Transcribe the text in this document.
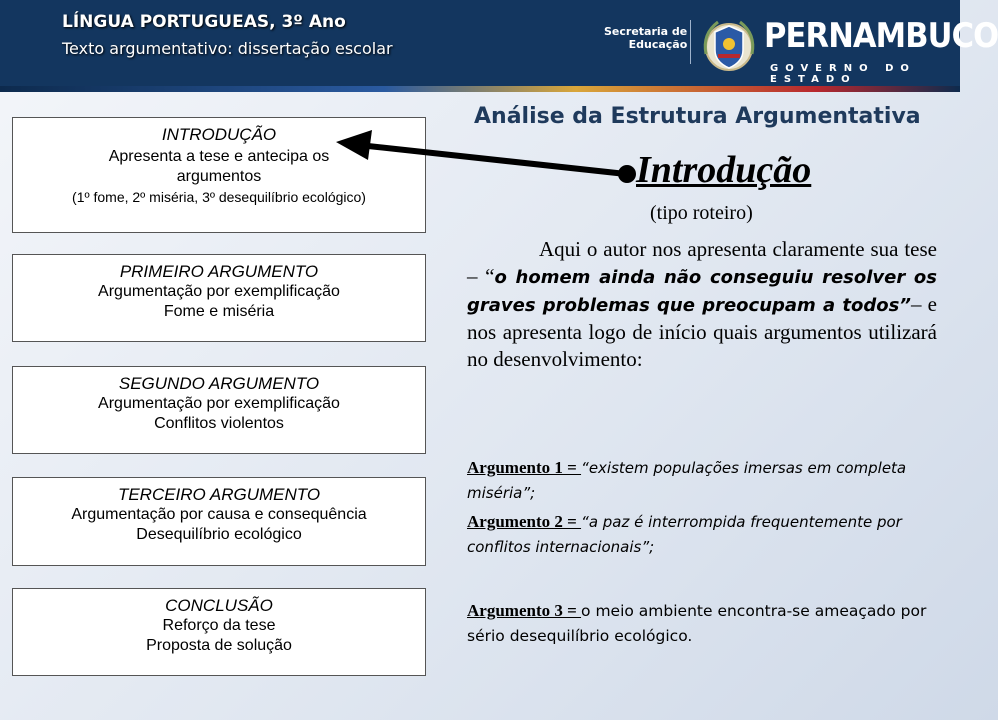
LÍNGUA PORTUGUEAS, 3º Ano
Texto argumentativo: dissertação escolar
Secretaria de
Educação PERNAMBUCO
GOVERNO DO ESTADO
Análise da Estrutura Argumentativa
INTRODUÇÃO
Apresenta a tese e antecipa os argumentos
(1º fome, 2º miséria, 3º desequilíbrio ecológico)
PRIMEIRO ARGUMENTO
Argumentação por exemplificação
Fome e miséria
SEGUNDO ARGUMENTO
Argumentação por exemplificação
Conflitos violentos
TERCEIRO ARGUMENTO
Argumentação por causa e consequência
Desequilíbrio ecológico
CONCLUSÃO
Reforço da tese
Proposta de solução
Introdução
(tipo roteiro)
Aqui o autor nos apresenta claramente sua tese – “o homem ainda não conseguiu resolver os graves problemas que preocupam a todos”– e nos apresenta logo de início quais argumentos utilizará no desenvolvimento:
Argumento 1 = “existem populações imersas em completa miséria”;
Argumento 2 = “a paz é interrompida frequentemente por conflitos internacionais”;
Argumento 3 = o meio ambiente encontra-se ameaçado por sério desequilíbrio ecológico.
